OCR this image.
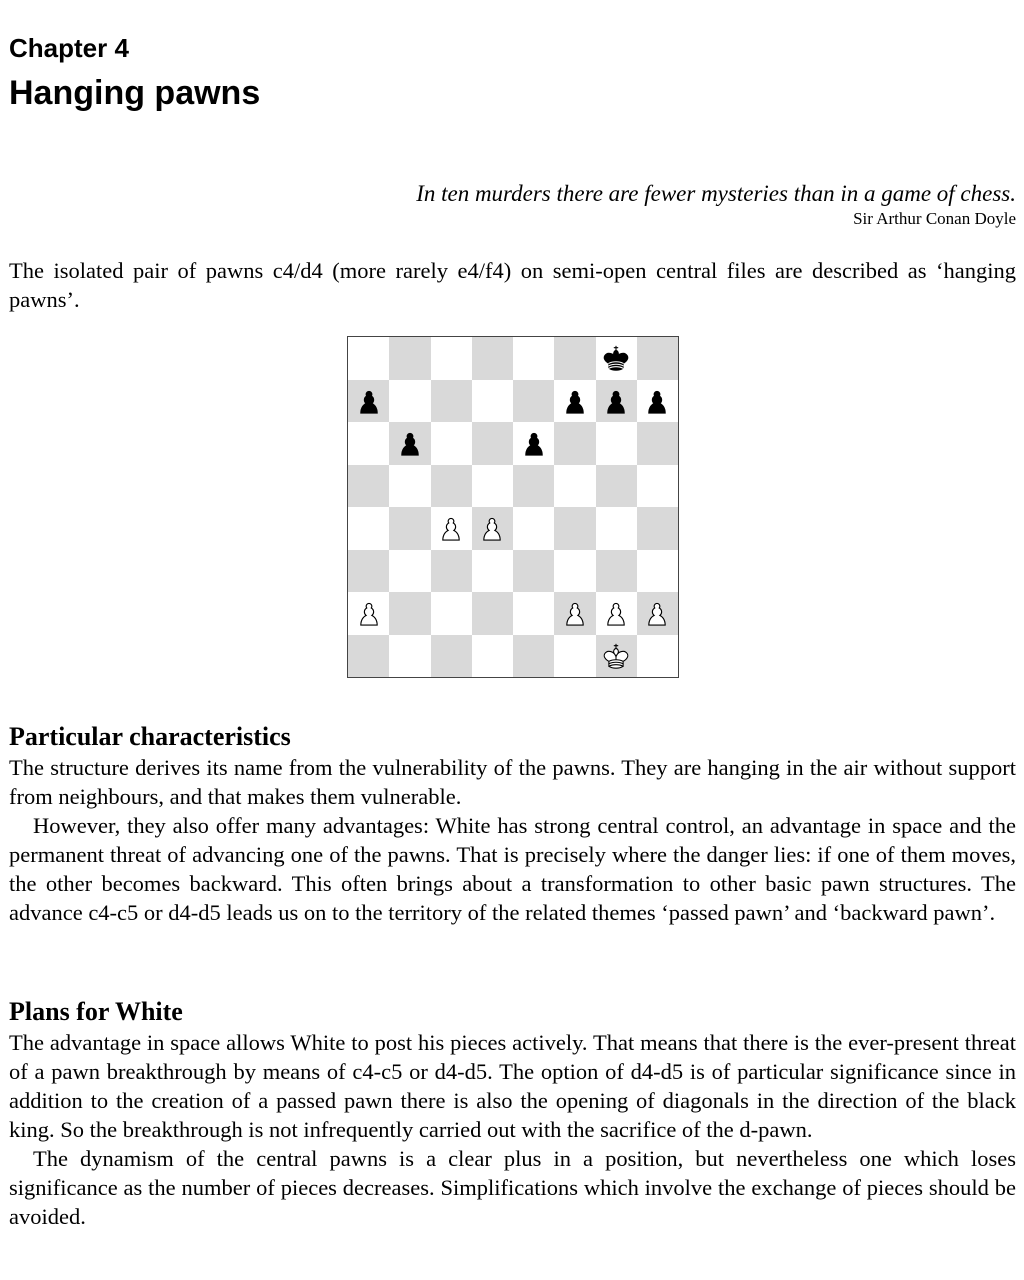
Chapter 4
Hanging pawns
In ten murders there are fewer mysteries than in a game of chess.
Sir Arthur Conan Doyle

The isolated pair of pawns c4/d4 (more rarely e4/f4) on semi-open central files are described as ‘hanging pawns’.

Particular characteristics

The structure derives its name from the vulnerability of the pawns. They are hanging in the air without support from neighbours, and that makes them vulnerable.

However, they also offer many advantages: White has strong central control, an advantage in space and the permanent threat of advancing one of the pawns. That is precisely where the danger lies: if one of them moves, the other becomes backward. This often brings about a transformation to other basic pawn structures. The advance c4-c5 or d4-d5 leads us on to the territory of the related themes ‘passed pawn’ and ‘backward pawn’.

Plans for White

The advantage in space allows White to post his pieces actively. That means that there is the ever-present threat of a pawn breakthrough by means of c4-c5 or d4-d5. The option of d4-d5 is of particular significance since in addition to the creation of a passed pawn there is also the opening of diagonals in the direction of the black king. So the breakthrough is not infrequently carried out with the sacrifice of the d-pawn.

The dynamism of the central pawns is a clear plus in a position, but nevertheless one which loses significance as the number of pieces decreases. Simplifications which involve the exchange of pieces should be avoided.
